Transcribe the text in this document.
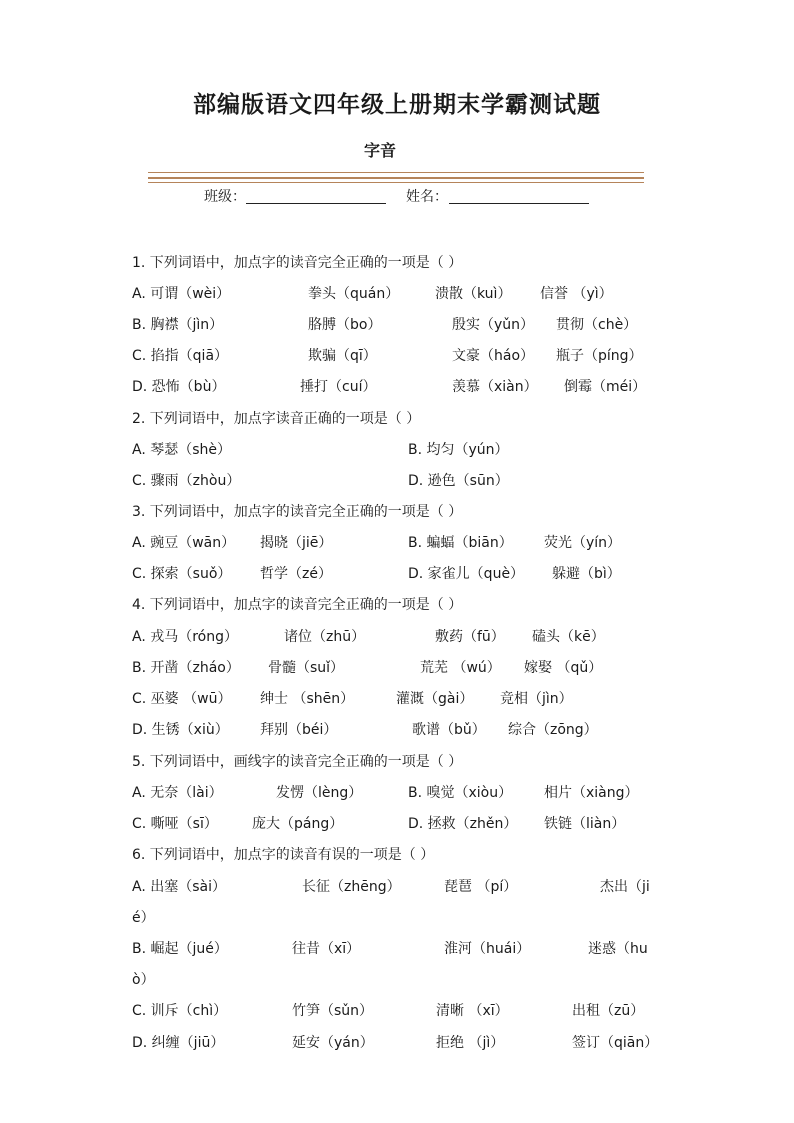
部编版语文四年级上册期末学霸测试题
字音
班级：	姓名：
1. 下列词语中，加点字的读音完全正确的一项是（ ）
A. 可谓（wèi）	拳头（quán）	溃散（kuì） 信誉 （yì）
B. 胸襟（jìn）	胳膊（bo）	殷实（yǔn） 贯彻（chè）
C. 掐指（qiā）	欺骗（qī）	文豪（háo） 瓶子（píng）
D. 恐怖（bù）	捶打（cuí）	羡慕（xiàn） 倒霉（méi）
2. 下列词语中，加点字读音正确的一项是（ ）
A. 琴瑟（shè）	B. 均匀（yún）
C. 骤雨（zhòu）	D. 逊色（sūn）
3. 下列词语中，加点字的读音完全正确的一项是（ ）
A. 豌豆（wān） 揭晓（jiē）	B. 蝙蝠（biān） 荧光（yín）
C. 探索（suǒ） 哲学（zé）	D. 家雀儿（què） 躲避（bì）
4. 下列词语中，加点字的读音完全正确的一项是（ ）
A. 戎马（róng）	诸位（zhū）	敷药（fū） 磕头（kē）
B. 开凿（zháo） 骨髓（suǐ）	荒芜 （wú） 嫁娶 （qǔ）
C. 巫婆 （wū） 绅士 （shēn）	灌溉（gài） 竞相（jìn）
D. 生锈（xiù） 拜别（béi）	歌谱（bǔ） 综合（zōng）
5. 下列词语中，画线字的读音完全正确的一项是（ ）
A. 无奈（lài）	发愣（lèng）	B. 嗅觉（xiòu） 相片（xiàng）
C. 嘶哑（sī） 庞大（páng）	D. 拯救（zhěn） 铁链（liàn）
6. 下列词语中，加点字的读音有误的一项是（ ）
A. 出塞（sài）	长征（zhēng）	琵琶 （pí）	杰出（ji
é）
B. 崛起（jué）	往昔（xī）	淮河（huái）	迷惑（hu
ò）
C. 训斥（chì）	竹笋（sǔn）	清晰 （xī）	出租（zū）
D. 纠缠（jiū）	延安（yán）	拒绝 （jì）	签订（qiān）
